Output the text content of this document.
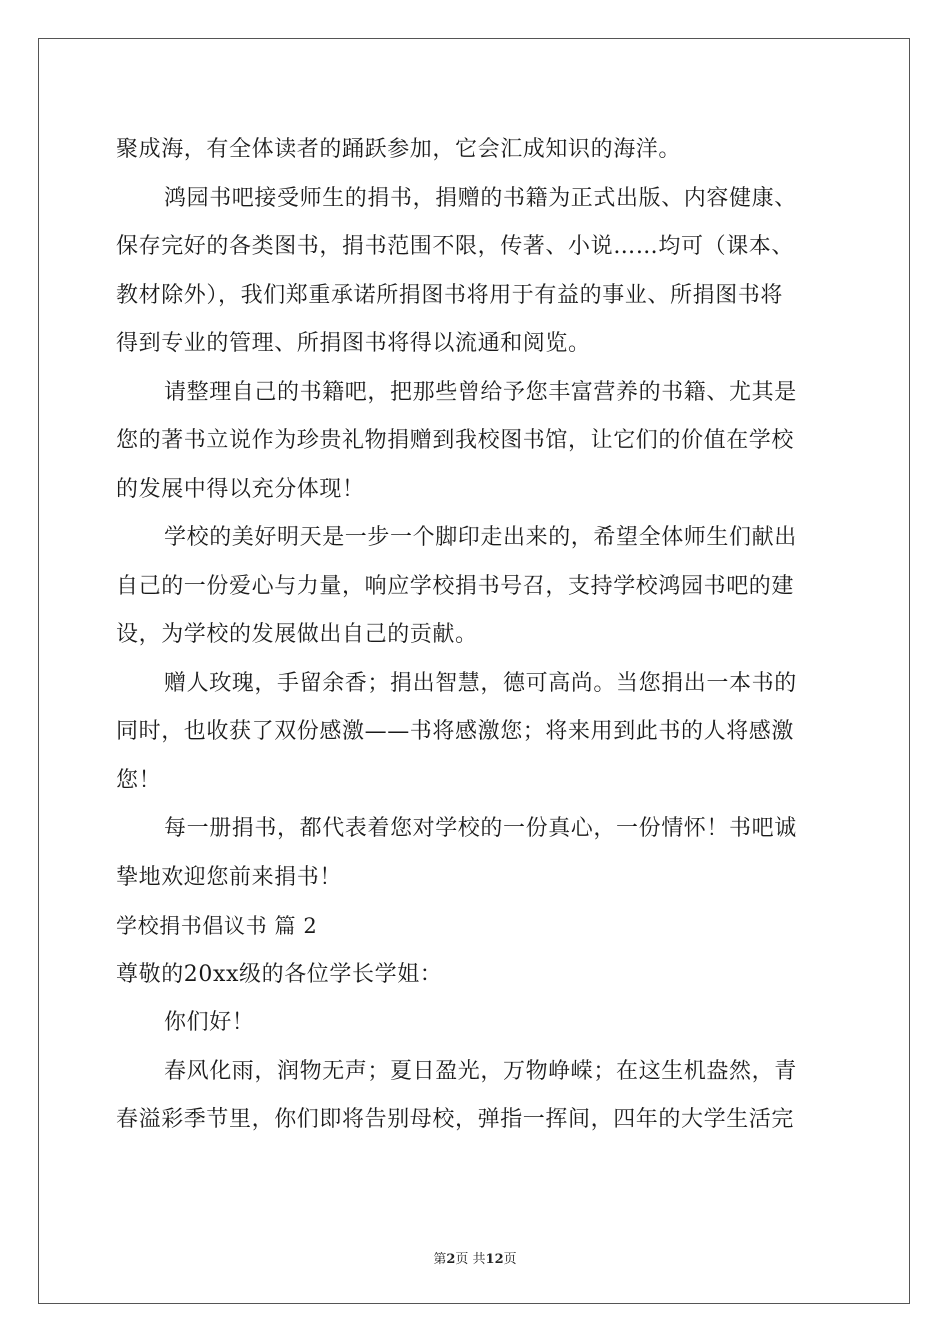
聚成海，有全体读者的踊跃参加，它会汇成知识的海洋。
鸿园书吧接受师生的捐书，捐赠的书籍为正式出版、内容健康、
保存完好的各类图书，捐书范围不限，传著、小说……均可（课本、
教材除外），我们郑重承诺所捐图书将用于有益的事业、所捐图书将
得到专业的管理、所捐图书将得以流通和阅览。
请整理自己的书籍吧，把那些曾给予您丰富营养的书籍、尤其是
您的著书立说作为珍贵礼物捐赠到我校图书馆，让它们的价值在学校
的发展中得以充分体现！
学校的美好明天是一步一个脚印走出来的，希望全体师生们献出
自己的一份爱心与力量，响应学校捐书号召，支持学校鸿园书吧的建
设，为学校的发展做出自己的贡献。
赠人玫瑰，手留余香；捐出智慧，德可高尚。当您捐出一本书的
同时，也收获了双份感激——书将感激您；将来用到此书的人将感激
您！
每一册捐书，都代表着您对学校的一份真心，一份情怀！书吧诚
挚地欢迎您前来捐书！
学校捐书倡议书 篇 2
尊敬的20xx级的各位学长学姐：
你们好！
春风化雨，润物无声；夏日盈光，万物峥嵘；在这生机盎然，青
春溢彩季节里，你们即将告别母校，弹指一挥间，四年的大学生活完
第2页 共12页
